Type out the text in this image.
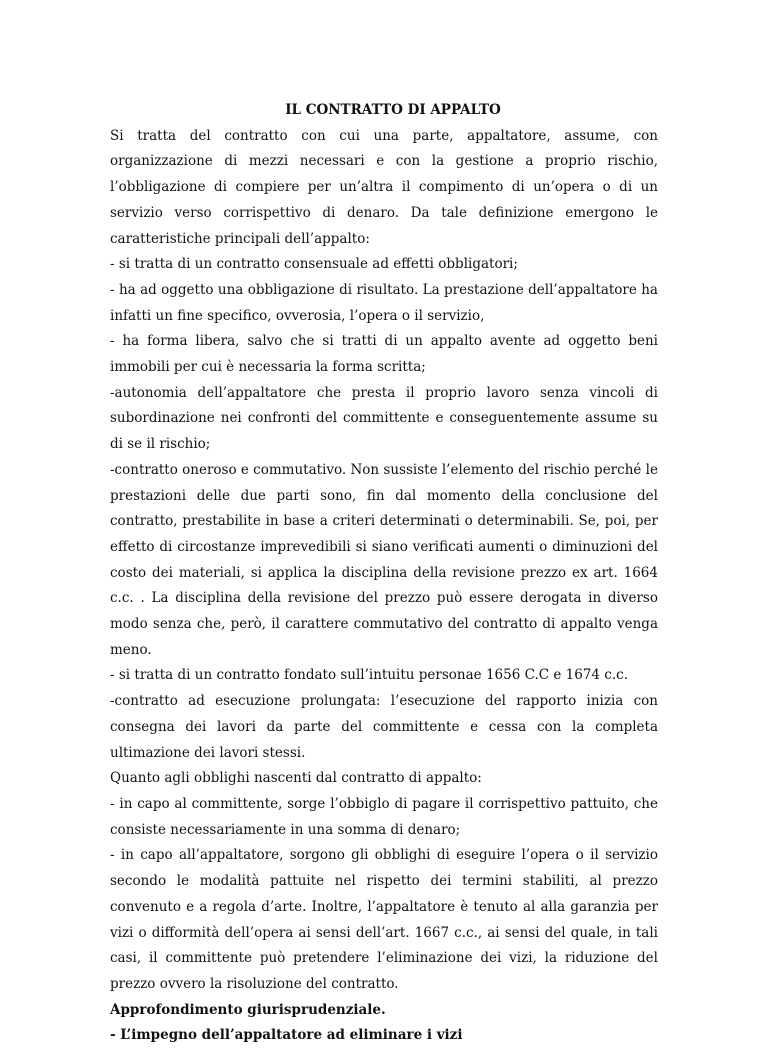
IL CONTRATTO DI APPALTO

Si tratta del contratto con cui una parte, appaltatore, assume, con organizzazione di mezzi necessari e con la gestione a proprio rischio, l’obbligazione di compiere per un’altra il compimento di un’opera o di un servizio verso corrispettivo di denaro. Da tale definizione emergono le caratteristiche principali dell’appalto:

- si tratta di un contratto consensuale ad effetti obbligatori;

- ha ad oggetto una obbligazione di risultato. La prestazione dell’appaltatore ha infatti un fine specifico, ovverosia, l’opera o il servizio,

- ha forma libera, salvo che si tratti di un appalto avente ad oggetto beni immobili per cui è necessaria la forma scritta;

-autonomia dell’appaltatore che presta il proprio lavoro senza vincoli di subordinazione nei confronti del committente e conseguentemente assume su di se il rischio;

-contratto oneroso e commutativo. Non sussiste l’elemento del rischio perché le prestazioni delle due parti sono, fin dal momento della conclusione del contratto, prestabilite in base a criteri determinati o determinabili. Se, poi, per effetto di circostanze imprevedibili si siano verificati aumenti o diminuzioni del costo dei materiali, si applica la disciplina della revisione prezzo ex art. 1664 c.c. . La disciplina della revisione del prezzo può essere derogata in diverso modo senza che, però, il carattere commutativo del contratto di appalto venga meno.

- si tratta di un contratto fondato sull’intuitu personae 1656 C.C e 1674 c.c.

-contratto ad esecuzione prolungata: l’esecuzione del rapporto inizia con consegna dei lavori da parte del committente e cessa con la completa ultimazione dei lavori stessi.

Quanto agli obblighi nascenti dal contratto di appalto:

- in capo al committente, sorge l’obbiglo di pagare il corrispettivo pattuito, che consiste necessariamente in una somma di denaro;

- in capo all’appaltatore, sorgono gli obblighi di eseguire l’opera o il servizio secondo le modalità pattuite nel rispetto dei termini stabiliti, al prezzo convenuto e a regola d’arte. Inoltre, l’appaltatore è tenuto al alla garanzia per vizi o difformità dell’opera ai sensi dell’art. 1667 c.c., ai sensi del quale, in tali casi, il committente può pretendere l’eliminazione dei vizi, la riduzione del prezzo ovvero la risoluzione del contratto.

Approfondimento giurisprudenziale.

- L’impegno dell’appaltatore ad eliminare i vizi
